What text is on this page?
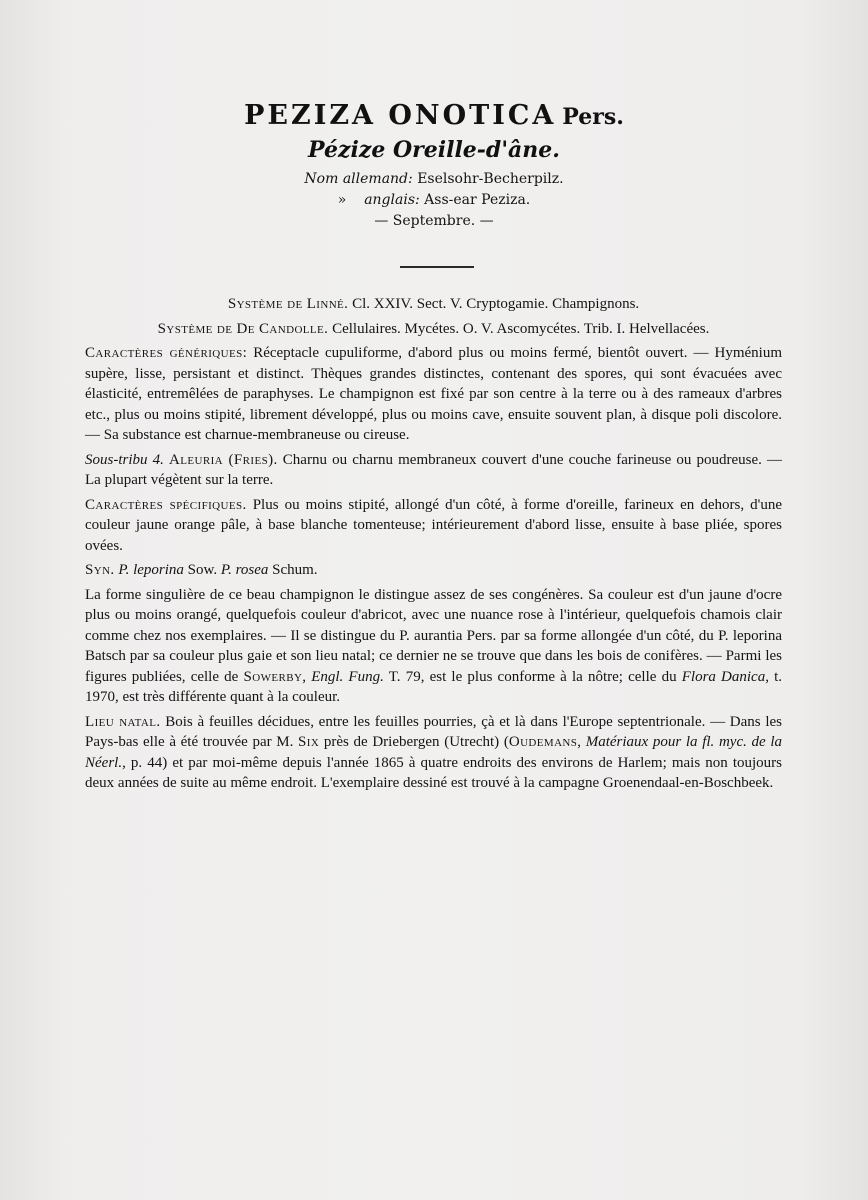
PEZIZA ONOTICA Pers.
Pézize Oreille-d'âne.
Nom allemand: Eselsohr-Becherpilz.
» anglais: Ass-ear Peziza.
— Septembre. —
Système de Linné. Cl. XXIV. Sect. V. Cryptogamie. Champignons.
Système de De Candolle. Cellulaires. Mycétes. O. V. Ascomycétes. Trib. I. Helvellacées.

Caractères génériques: Réceptacle cupuliforme, d'abord plus ou moins fermé, bientôt ouvert. — Hyménium supère, lisse, persistant et distinct. Thèques grandes distinctes, contenant des spores, qui sont évacuées avec élasticité, entremêlées de paraphyses. Le champignon est fixé par son centre à la terre ou à des rameaux d'arbres etc., plus ou moins stipité, librement développé, plus ou moins cave, ensuite souvent plan, à disque poli discolore. — Sa substance est charnue-membraneuse ou cireuse.

Sous-tribu 4. Aleuria (Fries). Charnu ou charnu membraneux couvert d'une couche farineuse ou poudreuse. — La plupart végètent sur la terre.

Caractères spécifiques. Plus ou moins stipité, allongé d'un côté, à forme d'oreille, farineux en dehors, d'une couleur jaune orange pâle, à base blanche tomenteuse; intérieurement d'abord lisse, ensuite à base pliée, spores ovées.

Syn. P. leporina Sow. P. rosea Schum.

La forme singulière de ce beau champignon le distingue assez de ses congénères. Sa couleur est d'un jaune d'ocre plus ou moins orangé, quelquefois couleur d'abricot, avec une nuance rose à l'intérieur, quelquefois chamois clair comme chez nos exemplaires. — Il se distingue du P. aurantia Pers. par sa forme allongée d'un côté, du P. leporina Batsch par sa couleur plus gaie et son lieu natal; ce dernier ne se trouve que dans les bois de conifères. — Parmi les figures publiées, celle de Sowerby, Engl. Fung. T. 79, est le plus conforme à la nôtre; celle du Flora Danica, t. 1970, est très différente quant à la couleur.

Lieu natal. Bois à feuilles décidues, entre les feuilles pourries, çà et là dans l'Europe septentrionale. — Dans les Pays-bas elle à été trouvée par M. Six près de Driebergen (Utrecht) (Oudemans, Matériaux pour la fl. myc. de la Néerl., p. 44) et par moi-même depuis l'année 1865 à quatre endroits des environs de Harlem; mais non toujours deux années de suite au même endroit. L'exemplaire dessiné est trouvé à la campagne Groenendaal-en-Boschbeek.
